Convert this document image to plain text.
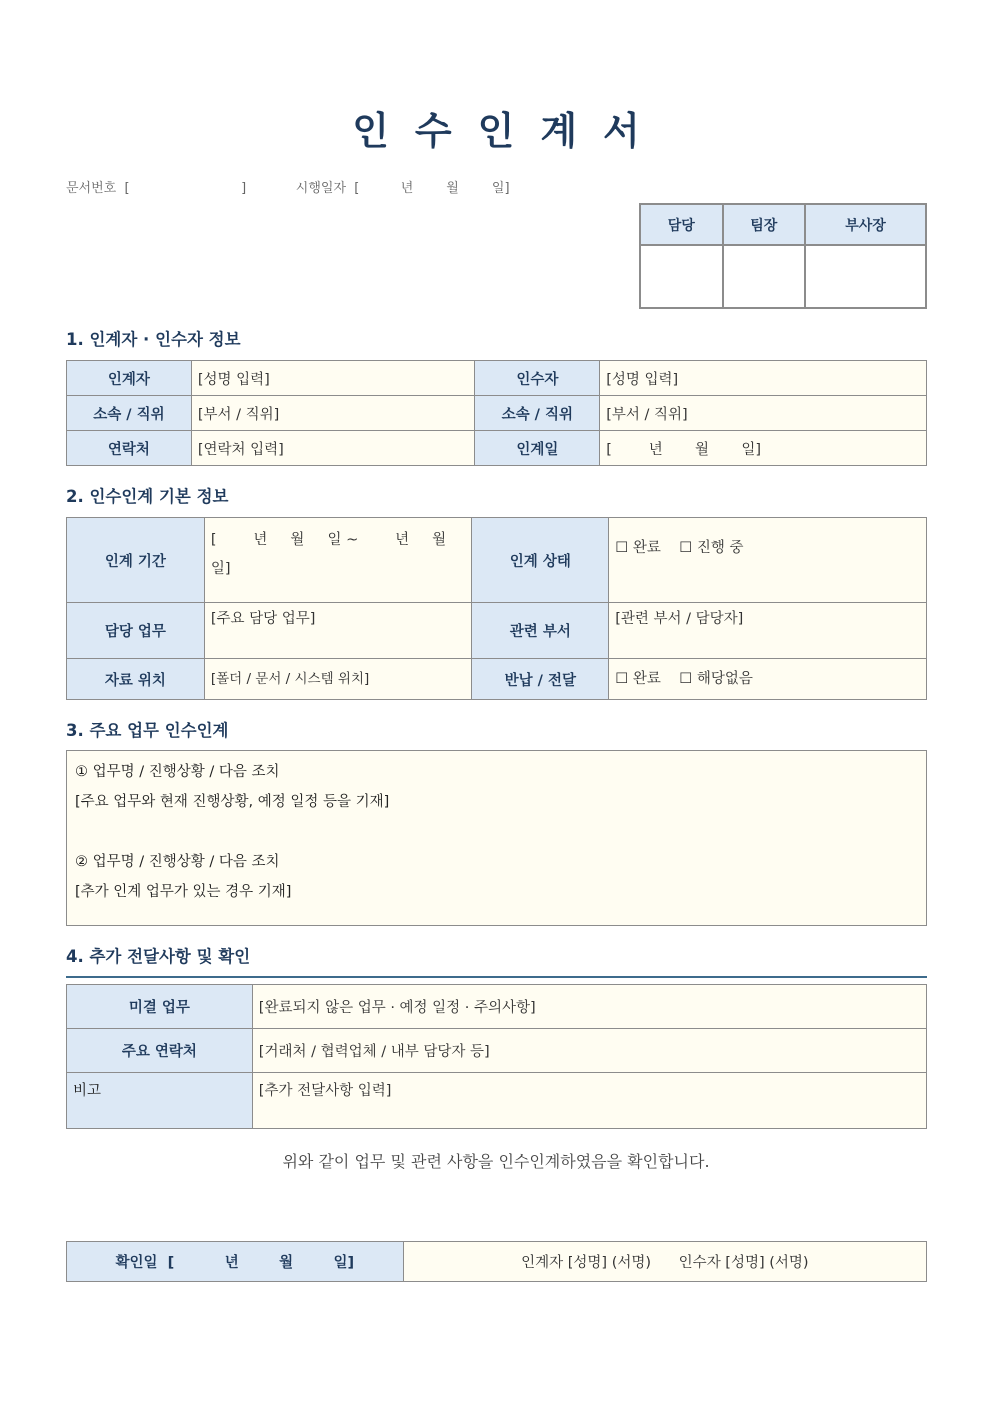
인수인계서
문서번호  [                           ]            시행일자  [          년        월        일]
담당	팀장	부사장

1. 인계자 · 인수자 정보
인계자	[성명 입력]	인수자	[성명 입력]
소속 / 직위	[부서 / 직위]	소속 / 직위	[부서 / 직위]
연락처	[연락처 입력]	인계일	[        년       월       일]
2. 인수인계 기본 정보
인계 기간	[        년     월     일 ~        년     월     일]	인계 상태	☐ 완료    ☐ 진행 중
담당 업무	[주요 담당 업무]	관련 부서	[관련 부서 / 담당자]
자료 위치	[폴더 / 문서 / 시스템 위치]	반납 / 전달	☐ 완료    ☐ 해당없음
3. 주요 업무 인수인계
① 업무명 / 진행상황 / 다음 조치
[주요 업무와 현재 진행상황, 예정 일정 등을 기재]
② 업무명 / 진행상황 / 다음 조치
[추가 인계 업무가 있는 경우 기재]
4. 추가 전달사항 및 확인
미결 업무	[완료되지 않은 업무 · 예정 일정 · 주의사항]
주요 연락처	[거래처 / 협력업체 / 내부 담당자 등]
비고	[추가 전달사항 입력]
위와 같이 업무 및 관련 사항을 인수인계하였음을 확인합니다.
확인일  [          년        월        일]	인계자 [성명] (서명)      인수자 [성명] (서명)
